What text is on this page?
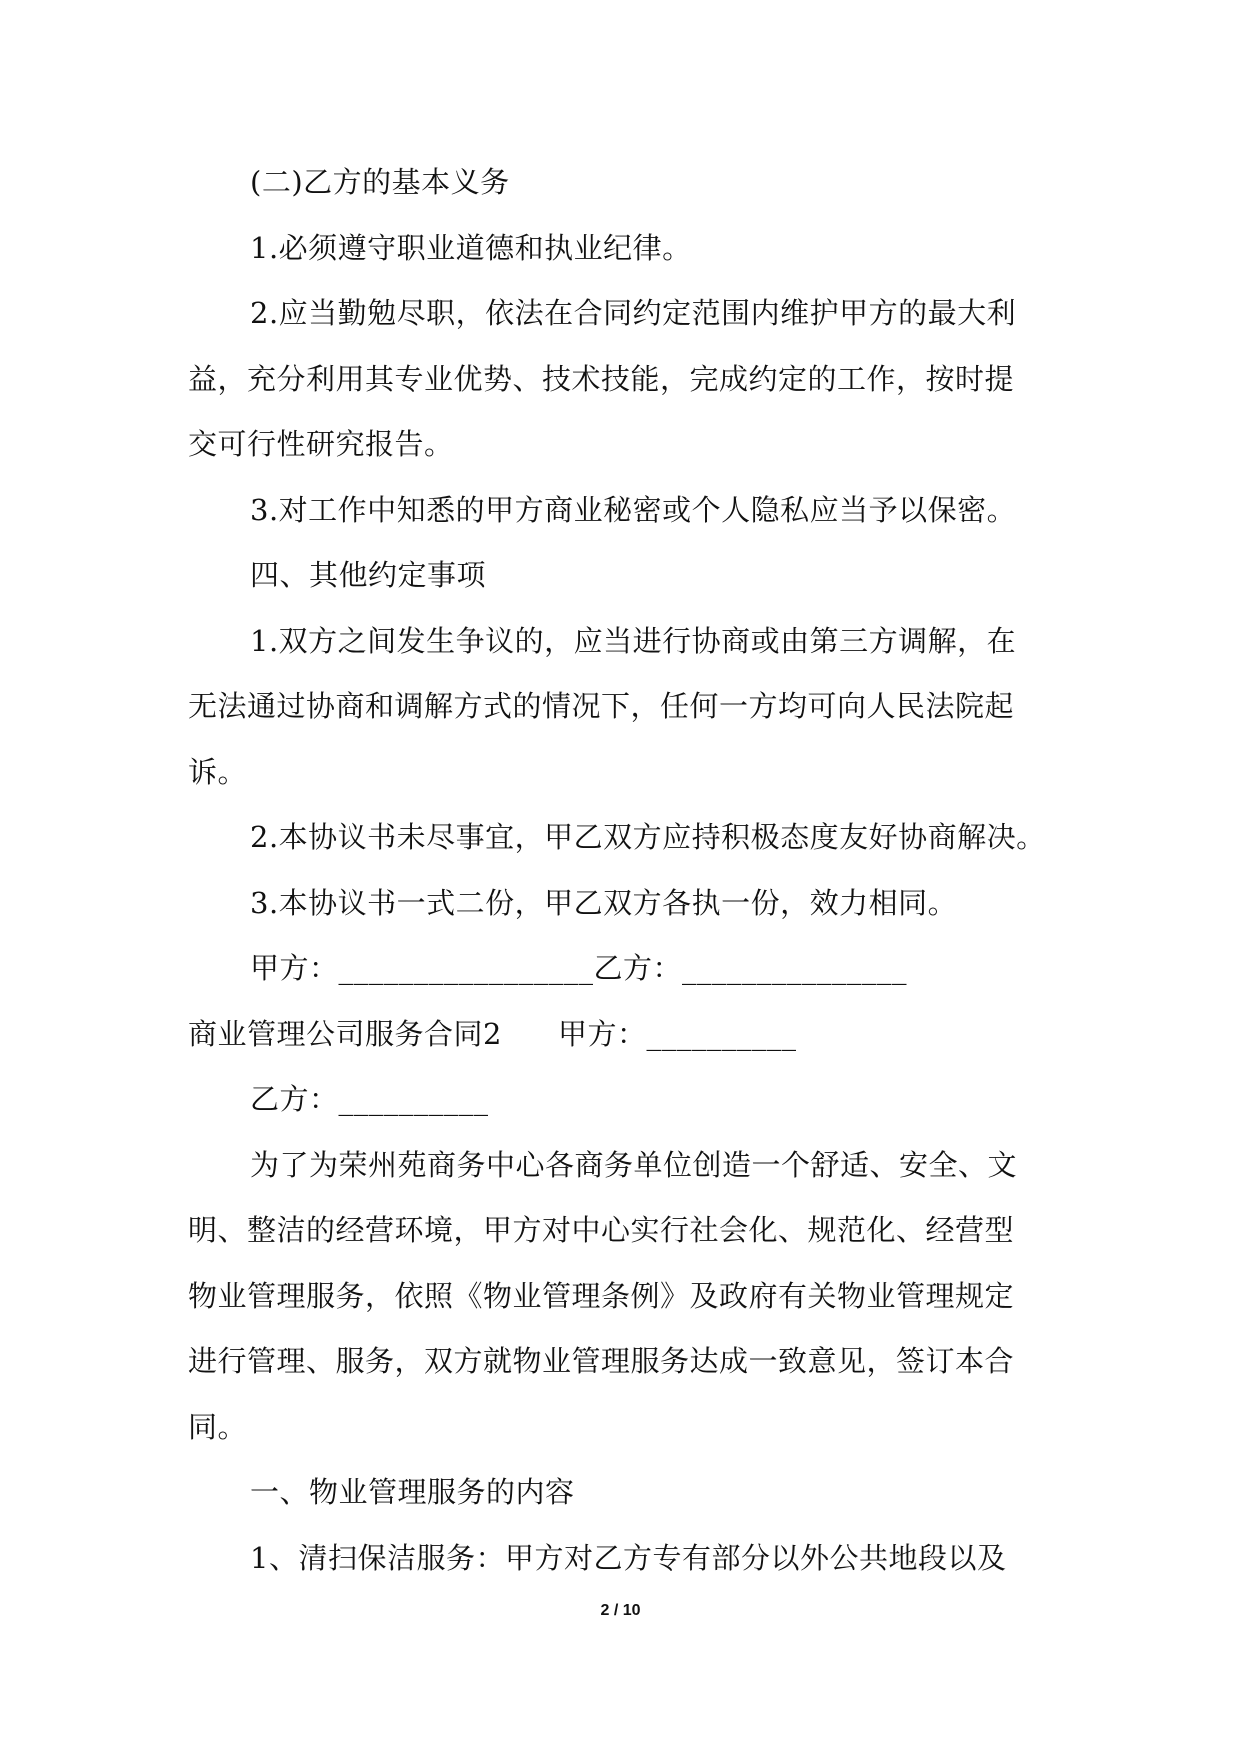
(二)乙方的基本义务
1.必须遵守职业道德和执业纪律。
2.应当勤勉尽职，依法在合同约定范围内维护甲方的最大利
益，充分利用其专业优势、技术技能，完成约定的工作，按时提
交可行性研究报告。
3.对工作中知悉的甲方商业秘密或个人隐私应当予以保密。
四、其他约定事项
1.双方之间发生争议的，应当进行协商或由第三方调解，在
无法通过协商和调解方式的情况下，任何一方均可向人民法院起
诉。
2.本协议书未尽事宜，甲乙双方应持积极态度友好协商解决。
3.本协议书一式二份，甲乙双方各执一份，效力相同。
甲方：_________________乙方：_______________
商业管理公司服务合同2 甲方：__________
乙方：__________
为了为荣州苑商务中心各商务单位创造一个舒适、安全、文
明、整洁的经营环境，甲方对中心实行社会化、规范化、经营型
物业管理服务，依照《物业管理条例》及政府有关物业管理规定
进行管理、服务，双方就物业管理服务达成一致意见，签订本合
同。
一、物业管理服务的内容
1、清扫保洁服务：甲方对乙方专有部分以外公共地段以及
2 / 10
